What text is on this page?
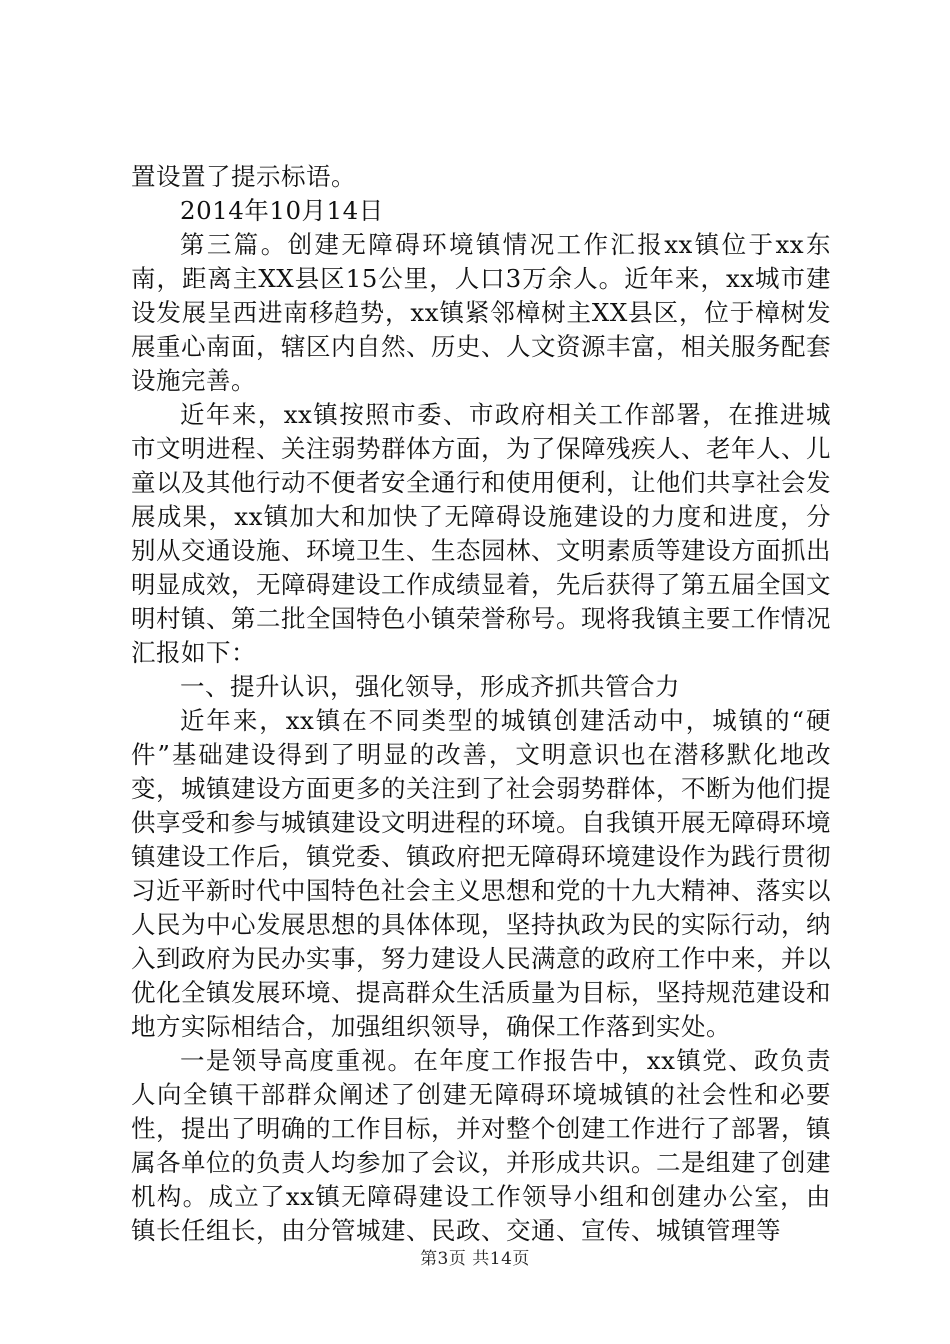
置设置了提示标语。

2014年10月14日

第三篇。创建无障碍环境镇情况工作汇报xx镇位于xx东南，距离主XX县区15公里，人口3万余人。近年来，xx城市建设发展呈西进南移趋势，xx镇紧邻樟树主XX县区，位于樟树发展重心南面，辖区内自然、历史、人文资源丰富，相关服务配套设施完善。

近年来，xx镇按照市委、市政府相关工作部署，在推进城市文明进程、关注弱势群体方面，为了保障残疾人、老年人、儿童以及其他行动不便者安全通行和使用便利，让他们共享社会发展成果，xx镇加大和加快了无障碍设施建设的力度和进度，分别从交通设施、环境卫生、生态园林、文明素质等建设方面抓出明显成效，无障碍建设工作成绩显着，先后获得了第五届全国文明村镇、第二批全国特色小镇荣誉称号。现将我镇主要工作情况汇报如下：

一、提升认识，强化领导，形成齐抓共管合力

近年来，xx镇在不同类型的城镇创建活动中，城镇的“硬件”基础建设得到了明显的改善，文明意识也在潜移默化地改变，城镇建设方面更多的关注到了社会弱势群体，不断为他们提供享受和参与城镇建设文明进程的环境。自我镇开展无障碍环境镇建设工作后，镇党委、镇政府把无障碍环境建设作为践行贯彻习近平新时代中国特色社会主义思想和党的十九大精神、落实以人民为中心发展思想的具体体现，坚持执政为民的实际行动，纳入到政府为民办实事，努力建设人民满意的政府工作中来，并以优化全镇发展环境、提高群众生活质量为目标，坚持规范建设和地方实际相结合，加强组织领导，确保工作落到实处。

一是领导高度重视。在年度工作报告中，xx镇党、政负责人向全镇干部群众阐述了创建无障碍环境城镇的社会性和必要性，提出了明确的工作目标，并对整个创建工作进行了部署，镇属各单位的负责人均参加了会议，并形成共识。二是组建了创建机构。成立了xx镇无障碍建设工作领导小组和创建办公室，由镇长任组长，由分管城建、民政、交通、宣传、城镇管理等

第3页 共14页
